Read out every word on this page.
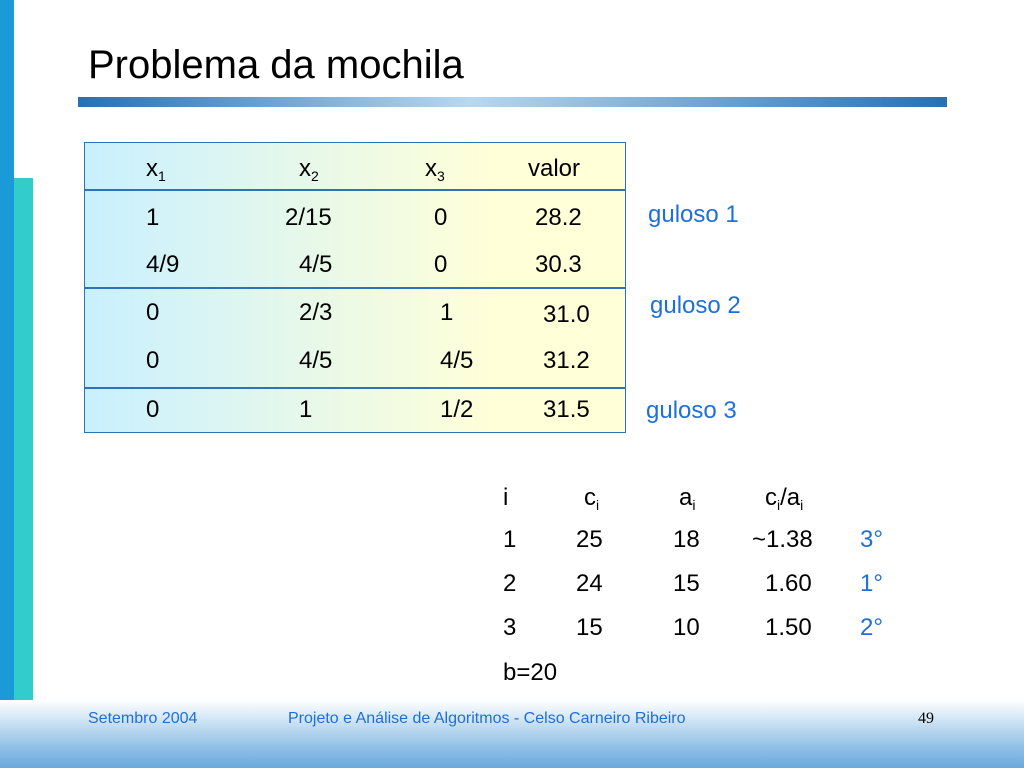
Problema da mochila
$x_1$	$x_2$	$x_3$	valor
1	2/15	0	28.2
4/9	4/5	0	30.3
0	2/3	1	31.0
0	4/5	4/5	31.2
0	1	1/2	31.5
guloso 1
guloso 2
guloso 3
i	$c_i$	$a_i$	$c_i/a_i$
1 25	18 ~1.38 3°
2 24	15	1.60 1°
3 15	10	1.50 2°
b=20
Setembro 2004	Projeto e Análise de Algoritmos - Celso Carneiro Ribeiro	49
